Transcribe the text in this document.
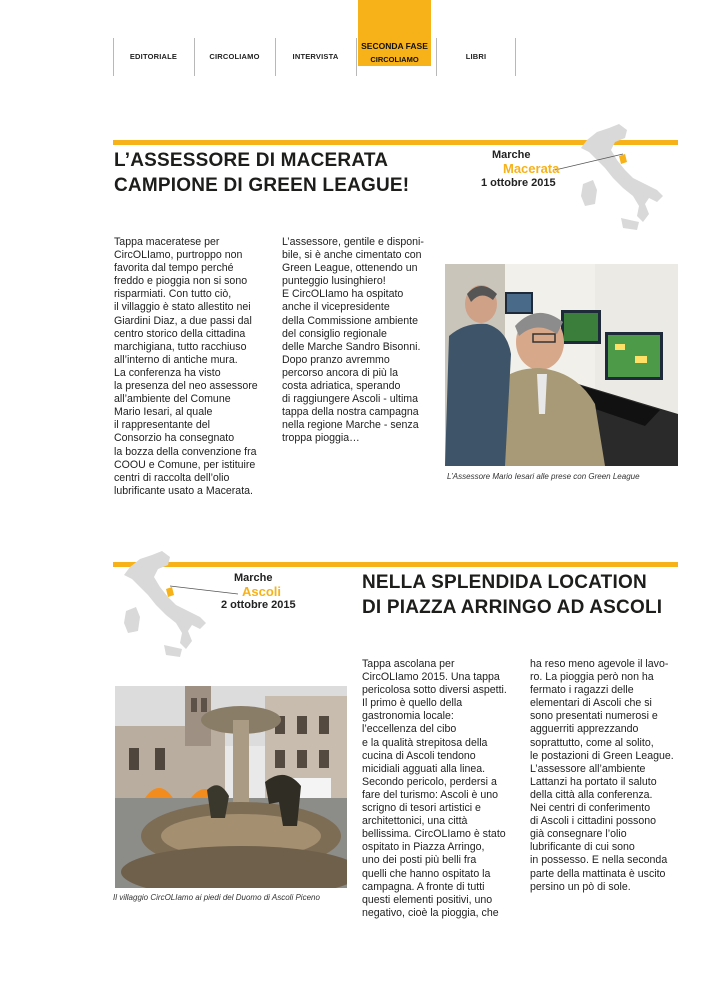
EDITORIALE	CIRCOLIAMO	INTERVISTA	LIBRI
SECONDA FASE
CIRCOLIAMO
Marche
Macerata
1 ottobre 2015
L’ASSESSORE DI MACERATA
CAMPIONE DI GREEN LEAGUE!
Tappa maceratese per
CircOLIamo, purtroppo non
favorita dal tempo perché
freddo e pioggia non si sono
risparmiati. Con tutto ciò,
il villaggio è stato allestito nei
Giardini Diaz, a due passi dal
centro storico della cittadina
marchigiana, tutto racchiuso
all’interno di antiche mura.
La conferenza ha visto
la presenza del neo assessore
all’ambiente del Comune
Mario Iesari, al quale
il rappresentante del
Consorzio ha consegnato
la bozza della convenzione fra
COOU e Comune, per istituire
centri di raccolta dell’olio
lubrificante usato a Macerata.
L’assessore, gentile e disponi-
bile, si è anche cimentato con
Green League, ottenendo un
punteggio lusinghiero!
E CircOLIamo ha ospitato
anche il vicepresidente
della Commissione ambiente
del consiglio regionale
delle Marche Sandro Bisonni.
Dopo pranzo avremmo
percorso ancora di più la
costa adriatica, sperando
di raggiungere Ascoli - ultima
tappa della nostra campagna
nella regione Marche - senza
troppa pioggia…
L’Assessore Mario Iesari alle prese con Green League
Marche
Ascoli
2 ottobre 2015
NELLA SPLENDIDA LOCATION
DI PIAZZA ARRINGO AD ASCOLI
Il villaggio CircOLIamo ai piedi del Duomo di Ascoli Piceno
Tappa ascolana per
CircOLIamo 2015. Una tappa
pericolosa sotto diversi aspetti.
Il primo è quello della
gastronomia locale:
l’eccellenza del cibo
e la qualità strepitosa della
cucina di Ascoli tendono
micidiali agguati alla linea.
Secondo pericolo, perdersi a
fare del turismo: Ascoli è uno
scrigno di tesori artistici e
architettonici, una città
bellissima. CircOLIamo è stato
ospitato in Piazza Arringo,
uno dei posti più belli fra
quelli che hanno ospitato la
campagna. A fronte di tutti
questi elementi positivi, uno
negativo, cioè la pioggia, che
ha reso meno agevole il lavo-
ro. La pioggia però non ha
fermato i ragazzi delle
elementari di Ascoli che si
sono presentati numerosi e
agguerriti apprezzando
soprattutto, come al solito,
le postazioni di Green League.
L’assessore all’ambiente
Lattanzi ha portato il saluto
della città alla conferenza.
Nei centri di conferimento
di Ascoli i cittadini possono
già consegnare l’olio
lubrificante di cui sono
in possesso. E nella seconda
parte della mattinata è uscito
persino un pò di sole.
